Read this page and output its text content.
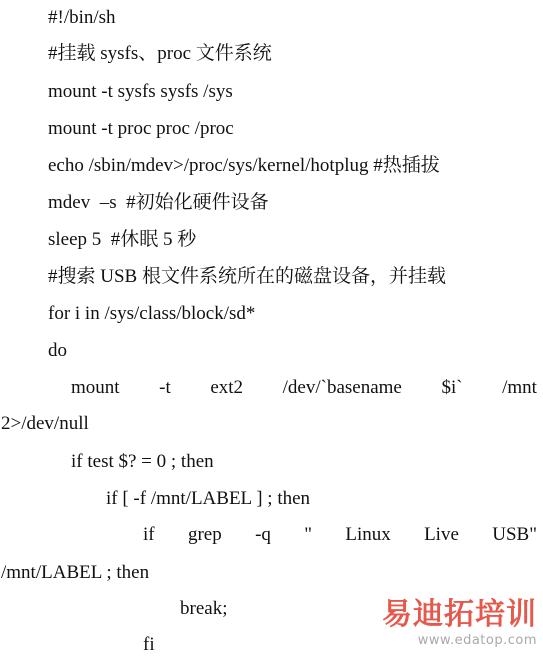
#!/bin/sh
#挂载 sysfs、proc 文件系统
mount -t sysfs sysfs /sys
mount -t proc proc /proc
echo /sbin/mdev>/proc/sys/kernel/hotplug #热插拔
mdev  –s  #初始化硬件设备
sleep 5  #休眠 5 秒
#搜索 USB 根文件系统所在的磁盘设备，并挂载
for i in /sys/class/block/sd*
do
mount -t ext2 /dev/`basename $i` /mnt
2>/dev/null
if test $? = 0 ; then
if [ -f /mnt/LABEL ] ; then
if grep -q " Linux Live USB"
/mnt/LABEL ; then
break;
fi
易迪拓培训
www.edatop.com
